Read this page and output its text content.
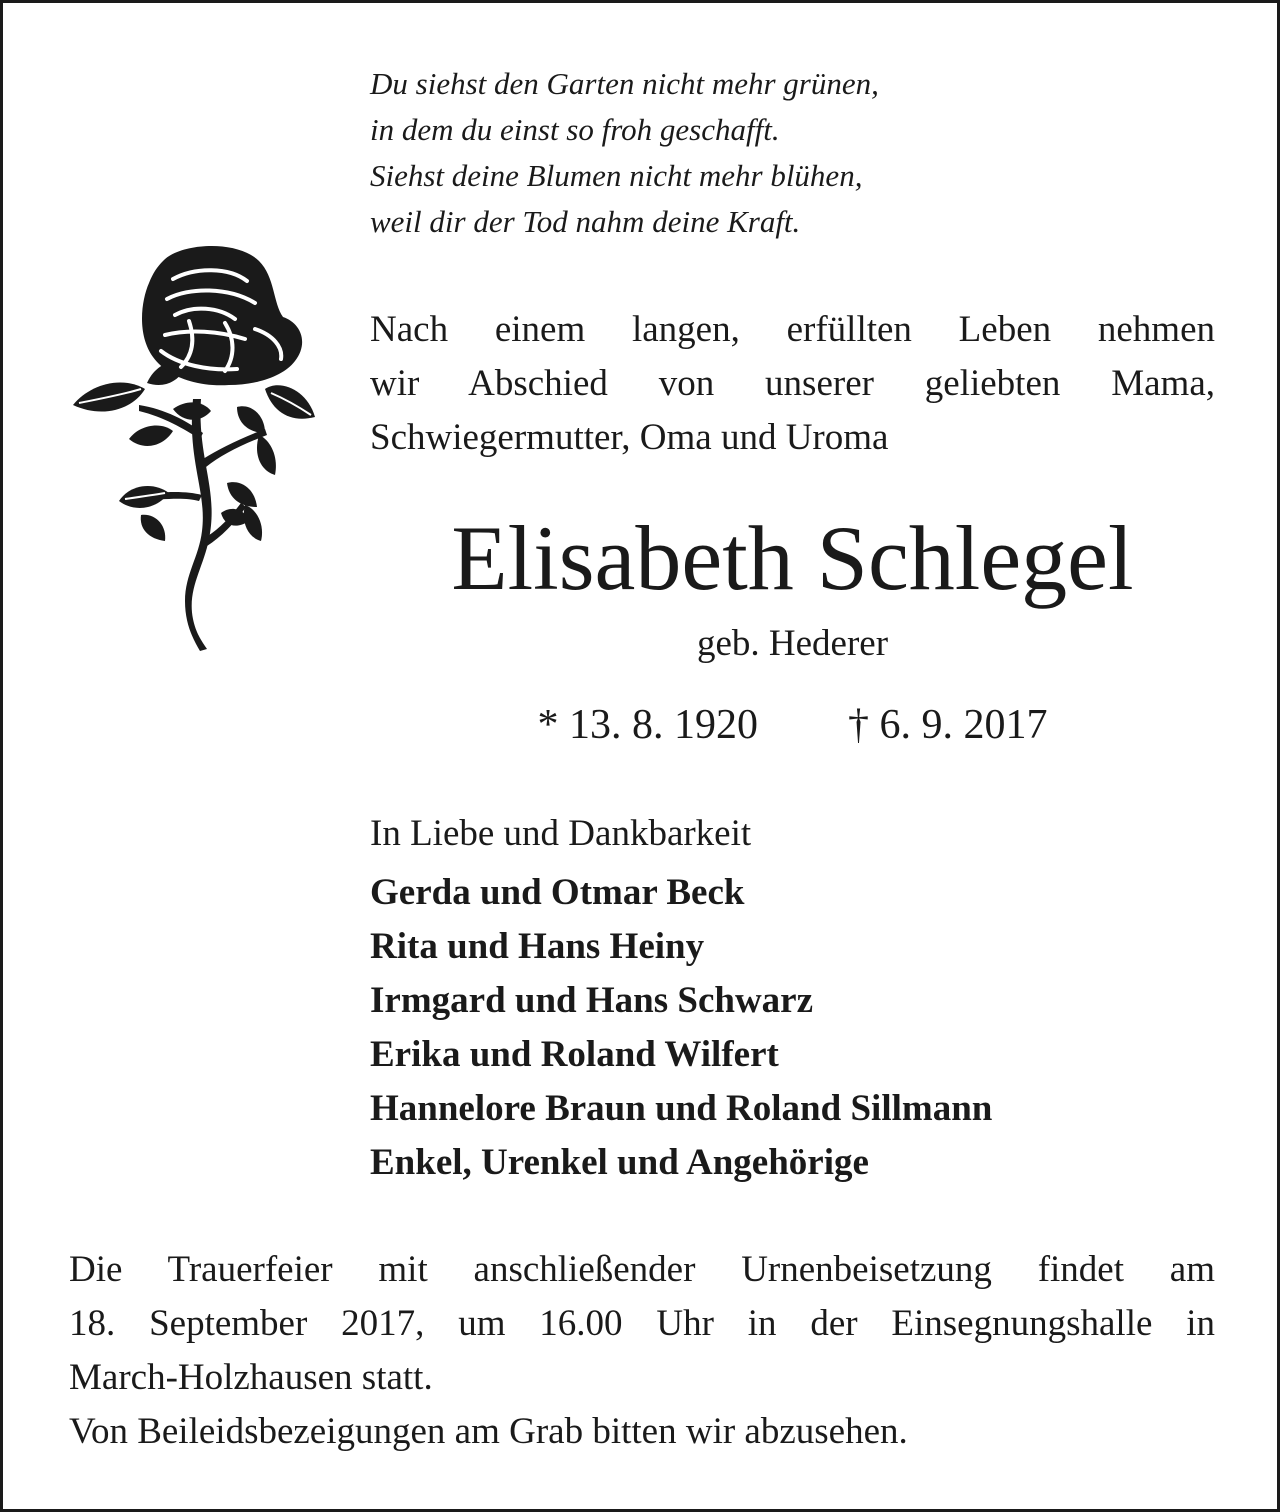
Du siehst den Garten nicht mehr grünen,
in dem du einst so froh geschafft.
Siehst deine Blumen nicht mehr blühen,
weil dir der Tod nahm deine Kraft.
Nach einem langen, erfüllten Leben nehmen
wir Abschied von unserer geliebten Mama,
Schwiegermutter, Oma und Uroma
Elisabeth Schlegel
geb. Hederer
* 13. 8. 1920 † 6. 9. 2017
In Liebe und Dankbarkeit
Gerda und Otmar Beck
Rita und Hans Heiny
Irmgard und Hans Schwarz
Erika und Roland Wilfert
Hannelore Braun und Roland Sillmann
Enkel, Urenkel und Angehörige
Die Trauerfeier mit anschließender Urnenbeisetzung findet am
18. September 2017, um 16.00 Uhr in der Einsegnungshalle in
March-Holzhausen statt.
Von Beileidsbezeigungen am Grab bitten wir abzusehen.
